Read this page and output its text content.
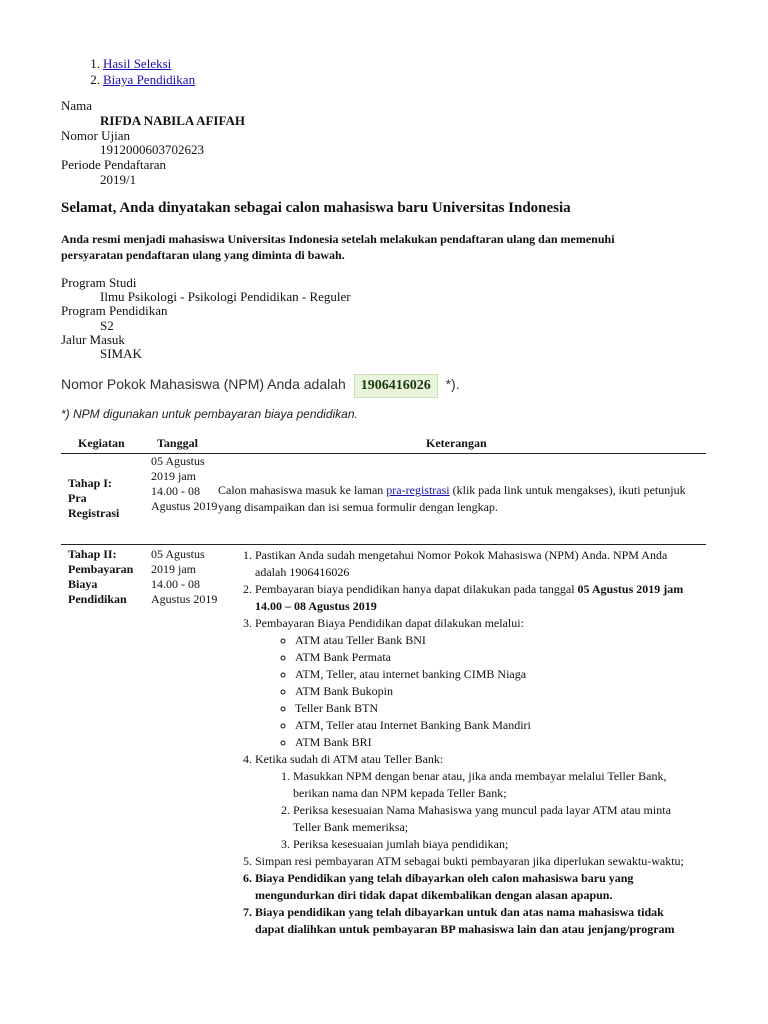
1. Hasil Seleksi
2. Biaya Pendidikan
Nama
RIFDA NABILA AFIFAH
Nomor Ujian
1912000603702623
Periode Pendaftaran
2019/1
Selamat, Anda dinyatakan sebagai calon mahasiswa baru Universitas Indonesia
Anda resmi menjadi mahasiswa Universitas Indonesia setelah melakukan pendaftaran ulang dan memenuhi persyaratan pendaftaran ulang yang diminta di bawah.
Program Studi
Ilmu Psikologi - Psikologi Pendidikan - Reguler
Program Pendidikan
S2
Jalur Masuk
SIMAK
Nomor Pokok Mahasiswa (NPM) Anda adalah 1906416026 *).
*) NPM digunakan untuk pembayaran biaya pendidikan.
Kegiatan	Tanggal	Keterangan
Tahap I: Pra Registrasi
05 Agustus 2019 jam 14.00 - 08 Agustus 2019
Calon mahasiswa masuk ke laman pra-registrasi (klik pada link untuk mengakses), ikuti petunjuk yang disampaikan dan isi semua formulir dengan lengkap.
Tahap II: Pembayaran Biaya Pendidikan
05 Agustus 2019 jam 14.00 - 08 Agustus 2019
1. Pastikan Anda sudah mengetahui Nomor Pokok Mahasiswa (NPM) Anda. NPM Anda adalah 1906416026
2. Pembayaran biaya pendidikan hanya dapat dilakukan pada tanggal 05 Agustus 2019 jam 14.00 – 08 Agustus 2019
3. Pembayaran Biaya Pendidikan dapat dilakukan melalui:
◦ ATM atau Teller Bank BNI
◦ ATM Bank Permata
◦ ATM, Teller, atau internet banking CIMB Niaga
◦ ATM Bank Bukopin
◦ Teller Bank BTN
◦ ATM, Teller atau Internet Banking Bank Mandiri
◦ ATM Bank BRI
4. Ketika sudah di ATM atau Teller Bank:
1. Masukkan NPM dengan benar atau, jika anda membayar melalui Teller Bank, berikan nama dan NPM kepada Teller Bank;
2. Periksa kesesuaian Nama Mahasiswa yang muncul pada layar ATM atau minta Teller Bank memeriksa;
3. Periksa kesesuaian jumlah biaya pendidikan;
5. Simpan resi pembayaran ATM sebagai bukti pembayaran jika diperlukan sewaktu-waktu;
6. Biaya Pendidikan yang telah dibayarkan oleh calon mahasiswa baru yang mengundurkan diri tidak dapat dikembalikan dengan alasan apapun.
7. Biaya pendidikan yang telah dibayarkan untuk dan atas nama mahasiswa tidak dapat dialihkan untuk pembayaran BP mahasiswa lain dan atau jenjang/program
